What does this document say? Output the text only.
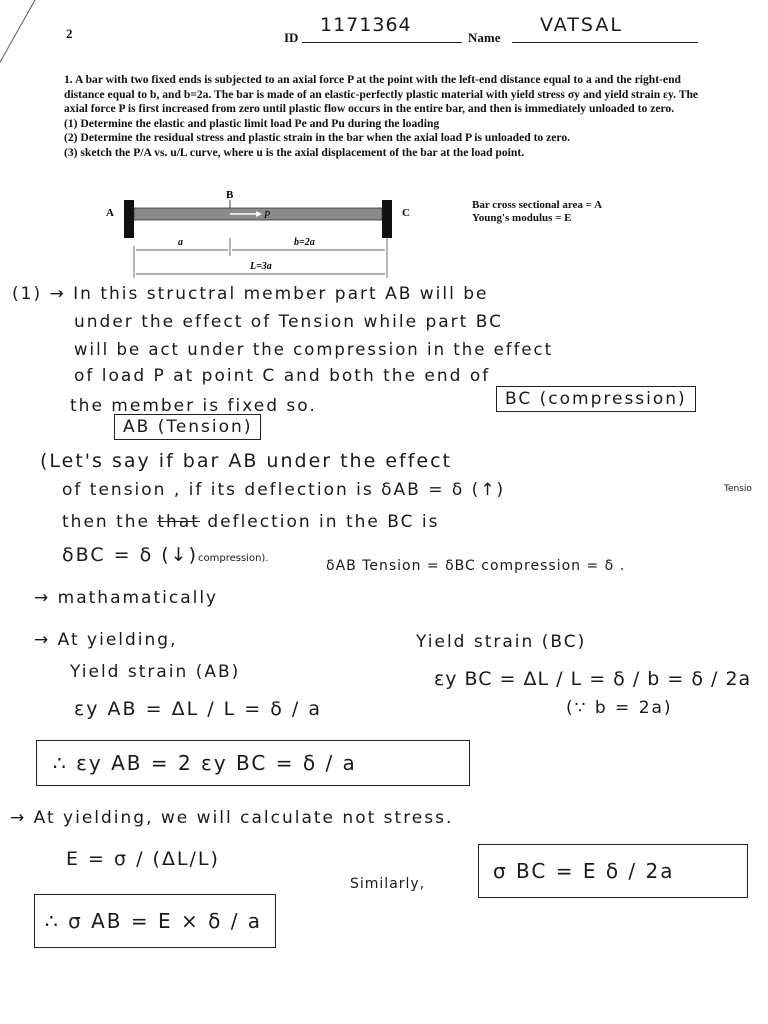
2	ID
1171364
Name
VATSAL

1. A bar with two fixed ends is subjected to an axial force P at the point with the left-end distance equal to a and the right-end distance equal to b, and b=2a. The bar is made of an elastic-perfectly plastic material with yield stress σy and yield strain εy. The axial force P is first increased from zero until plastic flow occurs in the entire bar, and then is immediately unloaded to zero.

(1) Determine the elastic and plastic limit load Pe and Pu during the loading

(2) Determine the residual stress and plastic strain in the bar when the axial load P is unloaded to zero.

(3) sketch the P/A vs. u/L curve, where u is the axial displacement of the bar at the load point.

A
B
C
P
a	b=2a
L=3a
Bar cross sectional area = A
Young's modulus = E
(1) → In this structral member part AB will be
under the effect of Tension while part BC
will be act under the compression in the effect
of load P at point C and both the end of
the member is fixed so.	BC (compression)
AB (Tension)
(Let's say if bar AB under the effect
of tension , if its deflection is δAB = δ (↑)	Tensio
then the that deflection in the BC is
δBC = δ (↓)compression).
→ mathamatically
δAB Tension = δBC compression = δ .
→ At yielding,
Yield strain (AB)
Yield strain (BC)
εy AB = ΔL / L = δ / a
εy BC = ΔL / L = δ / b = δ / 2a
(∵ b = 2a)
∴ εy AB = 2 εy BC = δ / a
→ At yielding, we will calculate not stress.
E = σ / (ΔL/L)
Similarly,
σ BC = E δ / 2a
∴ σ AB = E × δ / a
